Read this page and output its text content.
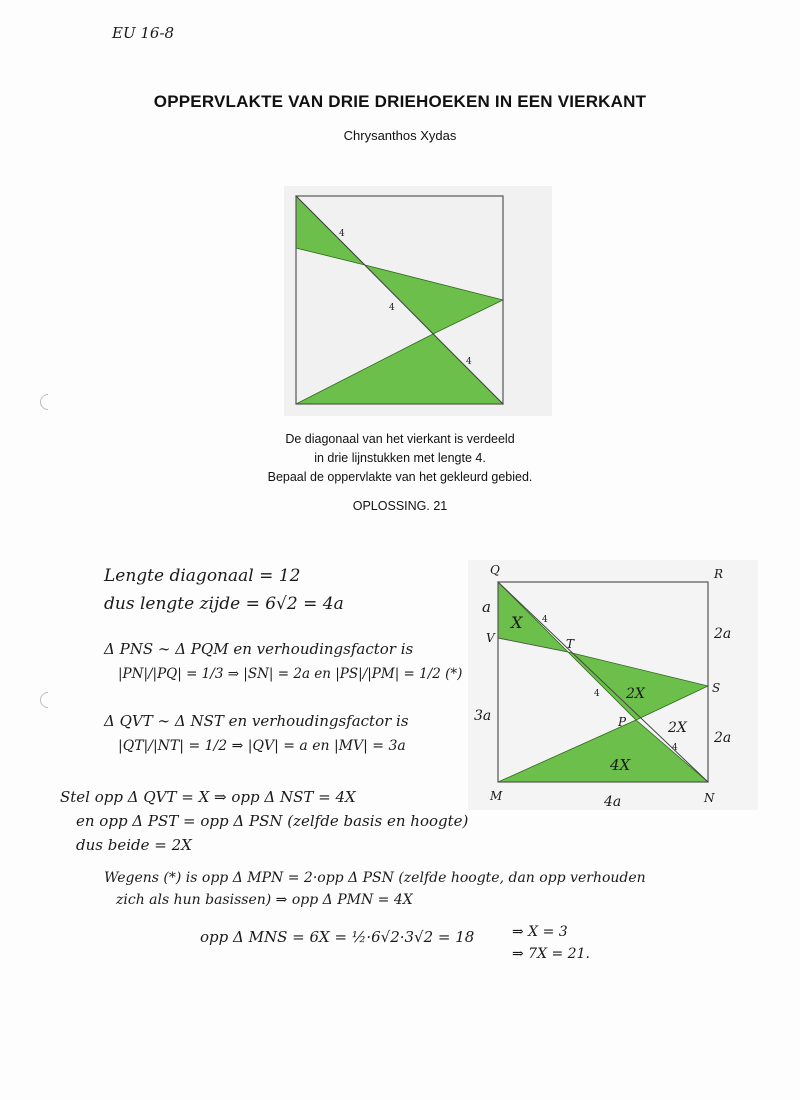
EU 16-8
OPPERVLAKTE VAN DRIE DRIEHOEKEN IN EEN VIERKANT
Chrysanthos Xydas
4
4
4
De diagonaal van het vierkant is verdeeld
in drie lijnstukken met lengte 4.
Bepaal de oppervlakte van het gekleurd gebied.
OPLOSSING. 21
Q	R
V	T
S
P
M	N
a
3a
2a
2a
4a
X
2X
2X
4X
4
4
4
Lengte diagonaal = 12
dus lengte zijde = 6√2 = 4a
Δ PNS ∼ Δ PQM en verhoudingsfactor is
|PN|/|PQ| = 1/3 ⇒ |SN| = 2a en |PS|/|PM| = 1/2 (*)
Δ QVT ∼ Δ NST en verhoudingsfactor is
|QT|/|NT| = 1/2 ⇒ |QV| = a en |MV| = 3a
Stel opp Δ QVT = X ⇒ opp Δ NST = 4X
en opp Δ PST = opp Δ PSN (zelfde basis en hoogte)
dus beide = 2X
Wegens (*) is opp Δ MPN = 2·opp Δ PSN (zelfde hoogte, dan opp verhouden
zich als hun basissen) ⇒ opp Δ PMN = 4X
opp Δ MNS = 6X = ½·6√2·3√2 = 18	⇒ X = 3
⇒ 7X = 21.
